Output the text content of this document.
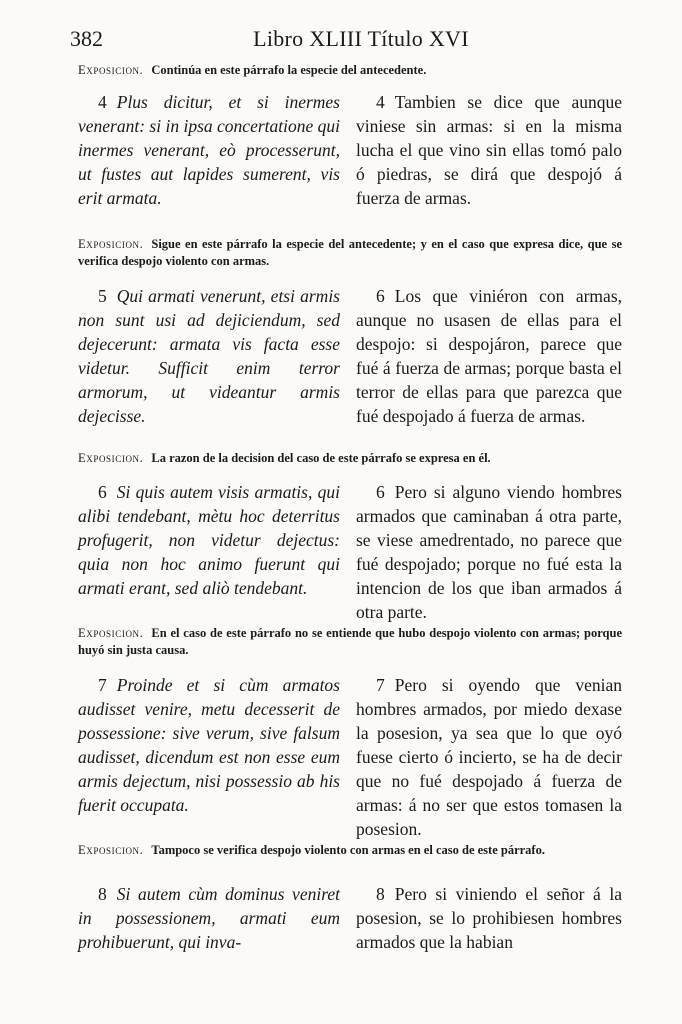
382	Libro XLIII Título XVI
Exposicion. Continúa en este párrafo la especie del antecedente.
4 Plus dicitur, et si inermes venerant: si in ipsa concertatione qui inermes venerant, eò processerunt, ut fustes aut lapides sumerent, vis erit armata.
4 Tambien se dice que aunque viniese sin armas: si en la misma lucha el que vino sin ellas tomó palo ó piedras, se dirá que despojó á fuerza de armas.
Exposicion. Sigue en este párrafo la especie del antecedente; y en el caso que expresa dice, que se verifica despojo violento con armas.
5 Qui armati venerunt, etsi armis non sunt usi ad dejiciendum, sed dejecerunt: armata vis facta esse videtur. Sufficit enim terror armorum, ut videantur armis dejecisse.
6 Los que viniéron con armas, aunque no usasen de ellas para el despojo: si despojáron, parece que fué á fuerza de armas; porque basta el terror de ellas para que parezca que fué despojado á fuerza de armas.
Exposicion. La razon de la decision del caso de este párrafo se expresa en él.
6 Si quis autem visis armatis, qui alibi tendebant, mètu hoc deterritus profugerit, non videtur dejectus: quia non hoc animo fuerunt qui armati erant, sed aliò tendebant.
6 Pero si alguno viendo hombres armados que caminaban á otra parte, se viese amedrentado, no parece que fué despojado; porque no fué esta la intencion de los que iban armados á otra parte.
Exposicion. En el caso de este párrafo no se entiende que hubo despojo violento con armas; porque huyó sin justa causa.
7 Proinde et si cùm armatos audisset venire, metu decesserit de possessione: sive verum, sive falsum audisset, dicendum est non esse eum armis dejectum, nisi possessio ab his fuerit occupata.
7 Pero si oyendo que venian hombres armados, por miedo dexase la posesion, ya sea que lo que oyó fuese cierto ó incierto, se ha de decir que no fué despojado á fuerza de armas: á no ser que estos tomasen la posesion.
Exposicion. Tampoco se verifica despojo violento con armas en el caso de este párrafo.
8 Si autem cùm dominus veniret in possessionem, armati eum prohibuerunt, qui inva-
8 Pero si viniendo el señor á la posesion, se lo prohibiesen hombres armados que la habian
